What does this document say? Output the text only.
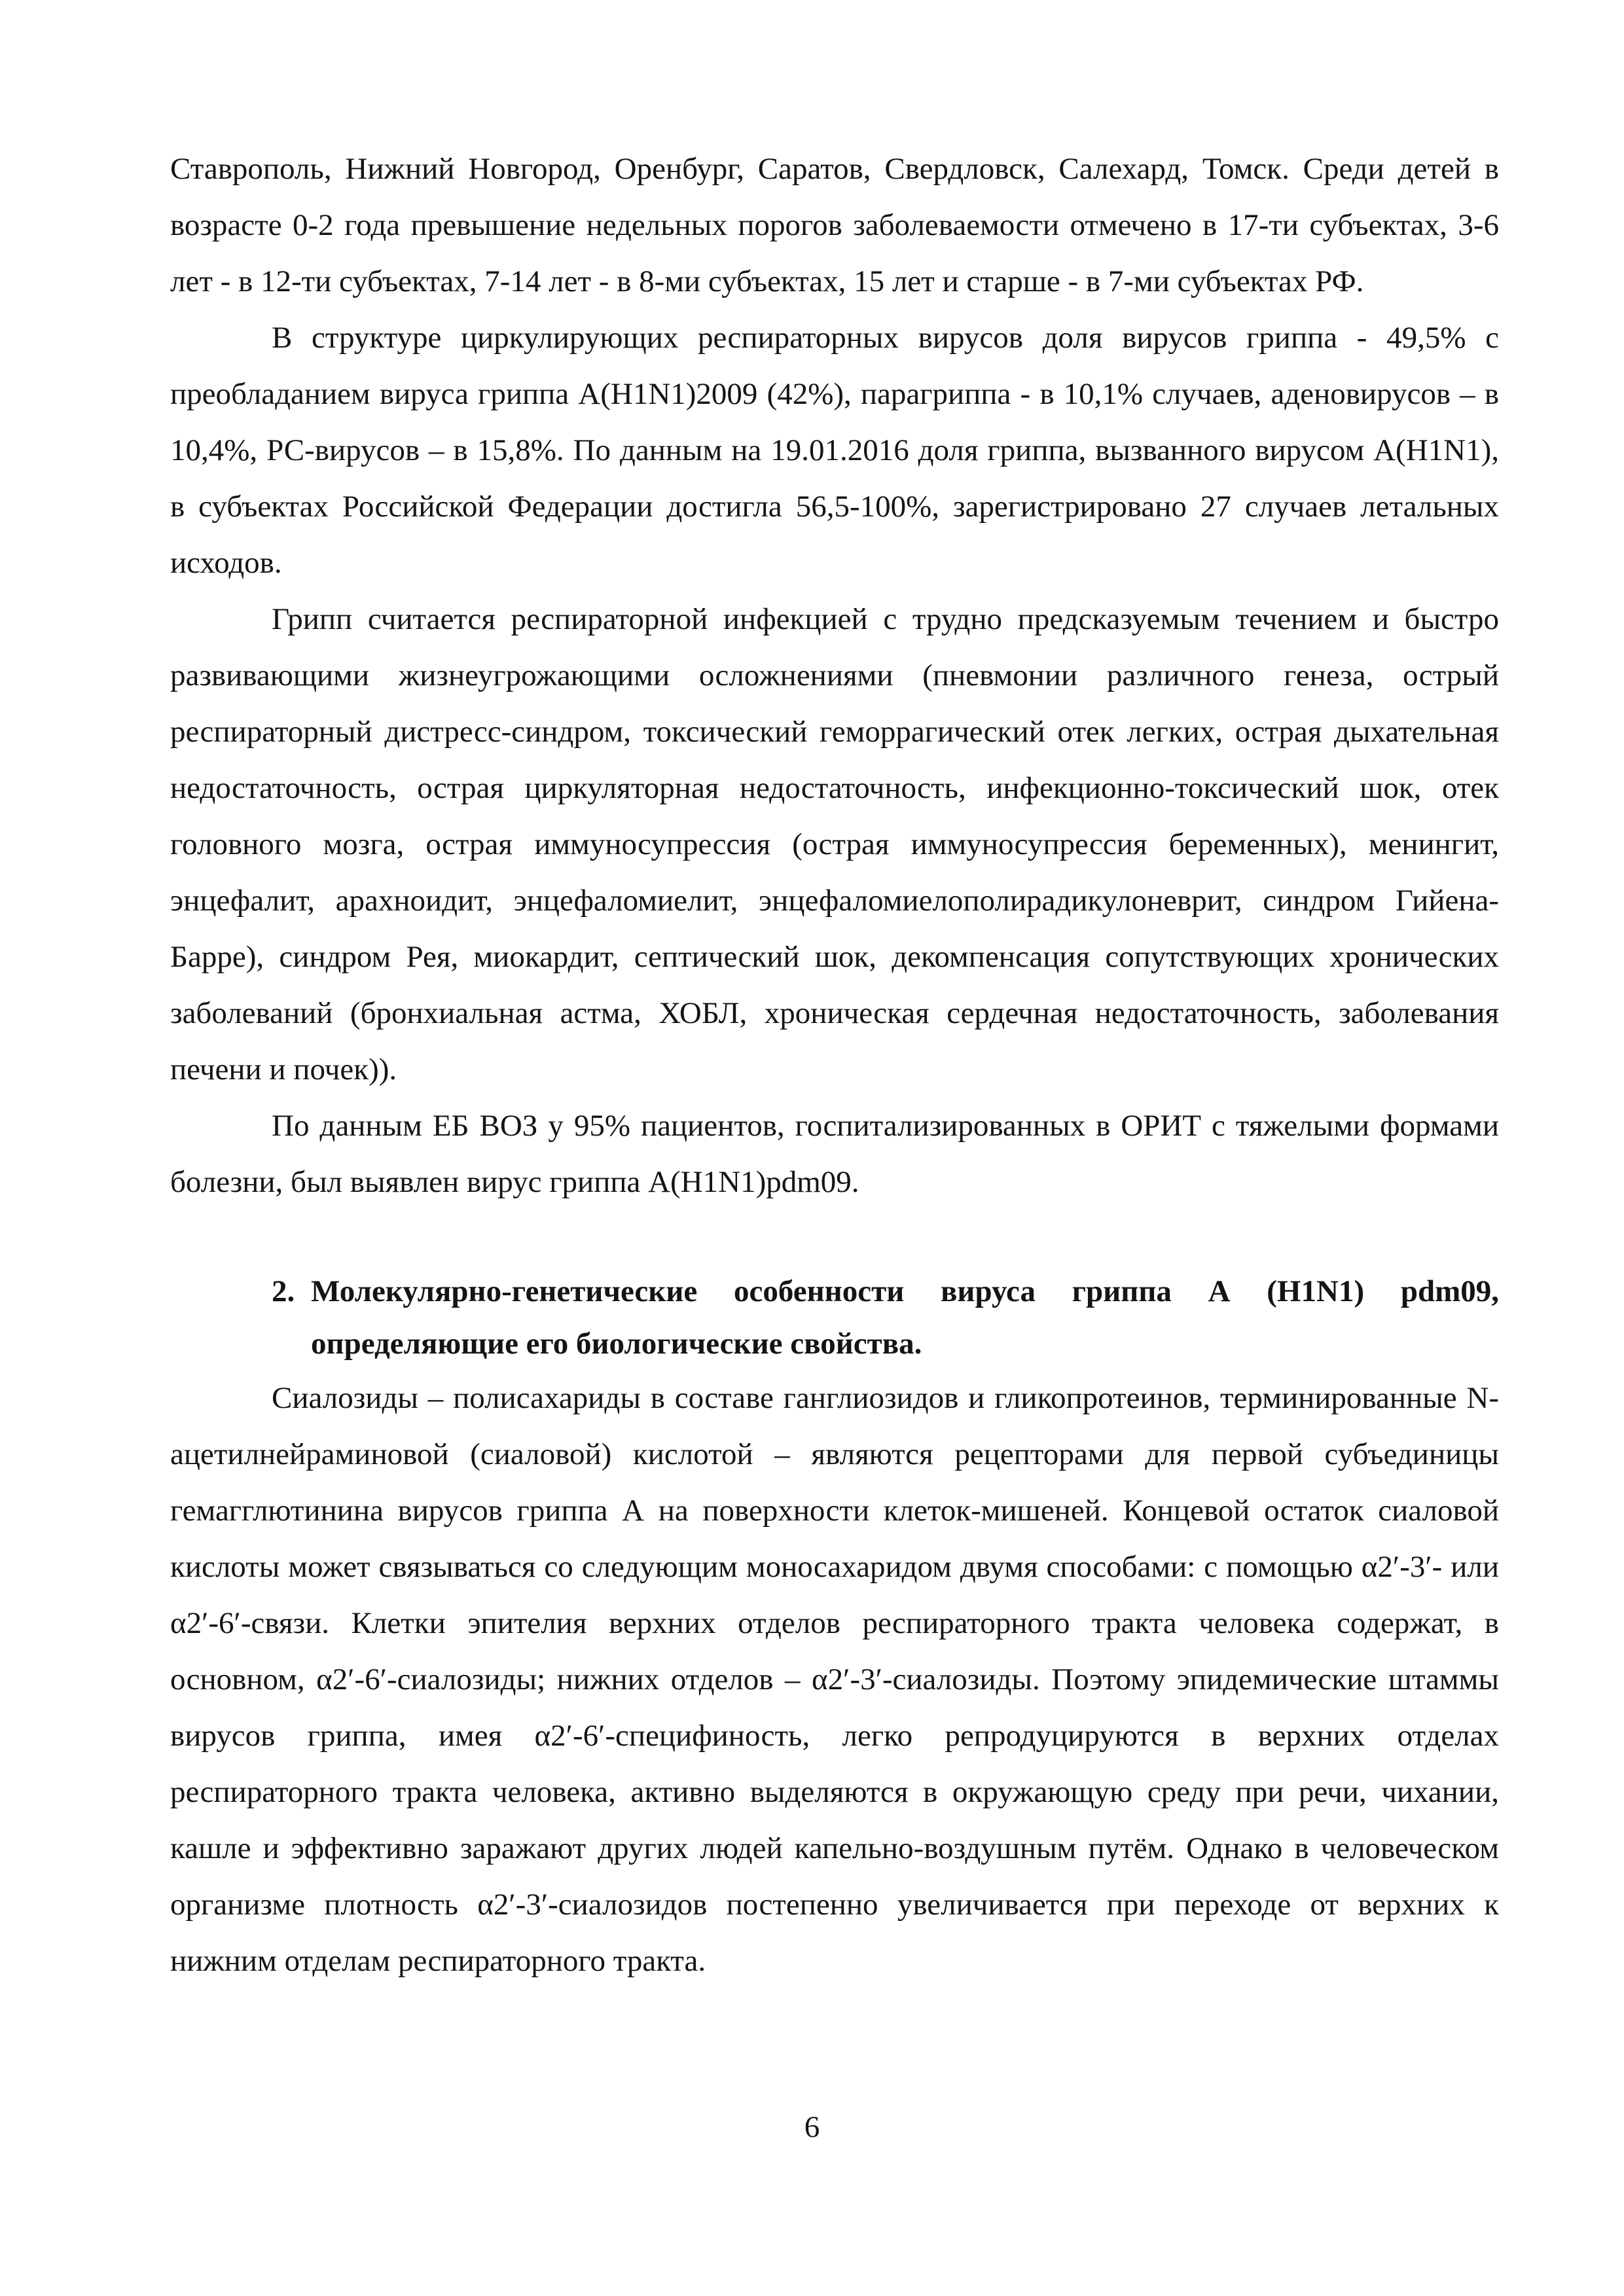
Ставрополь, Нижний Новгород, Оренбург, Саратов, Свердловск, Салехард, Томск. Среди детей в возрасте 0-2 года превышение недельных порогов заболеваемости отмечено в 17-ти субъектах, 3-6 лет - в 12-ти субъектах, 7-14 лет - в 8-ми субъектах, 15 лет и старше - в 7-ми субъектах РФ.

В структуре циркулирующих респираторных вирусов доля вирусов гриппа - 49,5% с преобладанием вируса гриппа A(H1N1)2009 (42%), парагриппа - в 10,1% случаев, аденовирусов – в 10,4%, РС-вирусов – в 15,8%. По данным на 19.01.2016 доля гриппа, вызванного вирусом A(H1N1), в субъектах Российской Федерации достигла 56,5-100%, зарегистрировано 27 случаев летальных исходов.

Грипп считается респираторной инфекцией с трудно предсказуемым течением и быстро развивающими жизнеугрожающими осложнениями (пневмонии различного генеза, острый респираторный дистресс-синдром, токсический геморрагический отек легких, острая дыхательная недостаточность, острая циркуляторная недостаточность, инфекционно-токсический шок, отек головного мозга, острая иммуносупрессия (острая иммуносупрессия беременных), менингит, энцефалит, арахноидит, энцефаломиелит, энцефаломиелополирадикулоневрит, синдром Гийена-Барре), синдром Рея, миокардит, септический шок, декомпенсация сопутствующих хронических заболеваний (бронхиальная астма, ХОБЛ, хроническая сердечная недостаточность, заболевания печени и почек)).

По данным ЕБ ВОЗ у 95% пациентов, госпитализированных в ОРИТ с тяжелыми формами болезни, был выявлен вирус гриппа A(H1N1)pdm09.

2. Молекулярно-генетические особенности вируса гриппа А (H1N1) pdm09, определяющие его биологические свойства.

Сиалозиды – полисахариды в составе ганглиозидов и гликопротеинов, терминированные N-ацетилнейраминовой (сиаловой) кислотой – являются рецепторами для первой субъединицы гемагглютинина вирусов гриппа А на поверхности клеток-мишеней. Концевой остаток сиаловой кислоты может связываться со следующим моносахаридом двумя способами: с помощью α2′-3′- или α2′-6′-связи. Клетки эпителия верхних отделов респираторного тракта человека содержат, в основном, α2′-6′-сиалозиды; нижних отделов – α2′-3′-сиалозиды. Поэтому эпидемические штаммы вирусов гриппа, имея α2′-6′-специфиность, легко репродуцируются в верхних отделах респираторного тракта человека, активно выделяются в окружающую среду при речи, чихании, кашле и эффективно заражают других людей капельно-воздушным путём. Однако в человеческом организме плотность α2′-3′-сиалозидов постепенно увеличивается при переходе от верхних к нижним отделам респираторного тракта.

6
